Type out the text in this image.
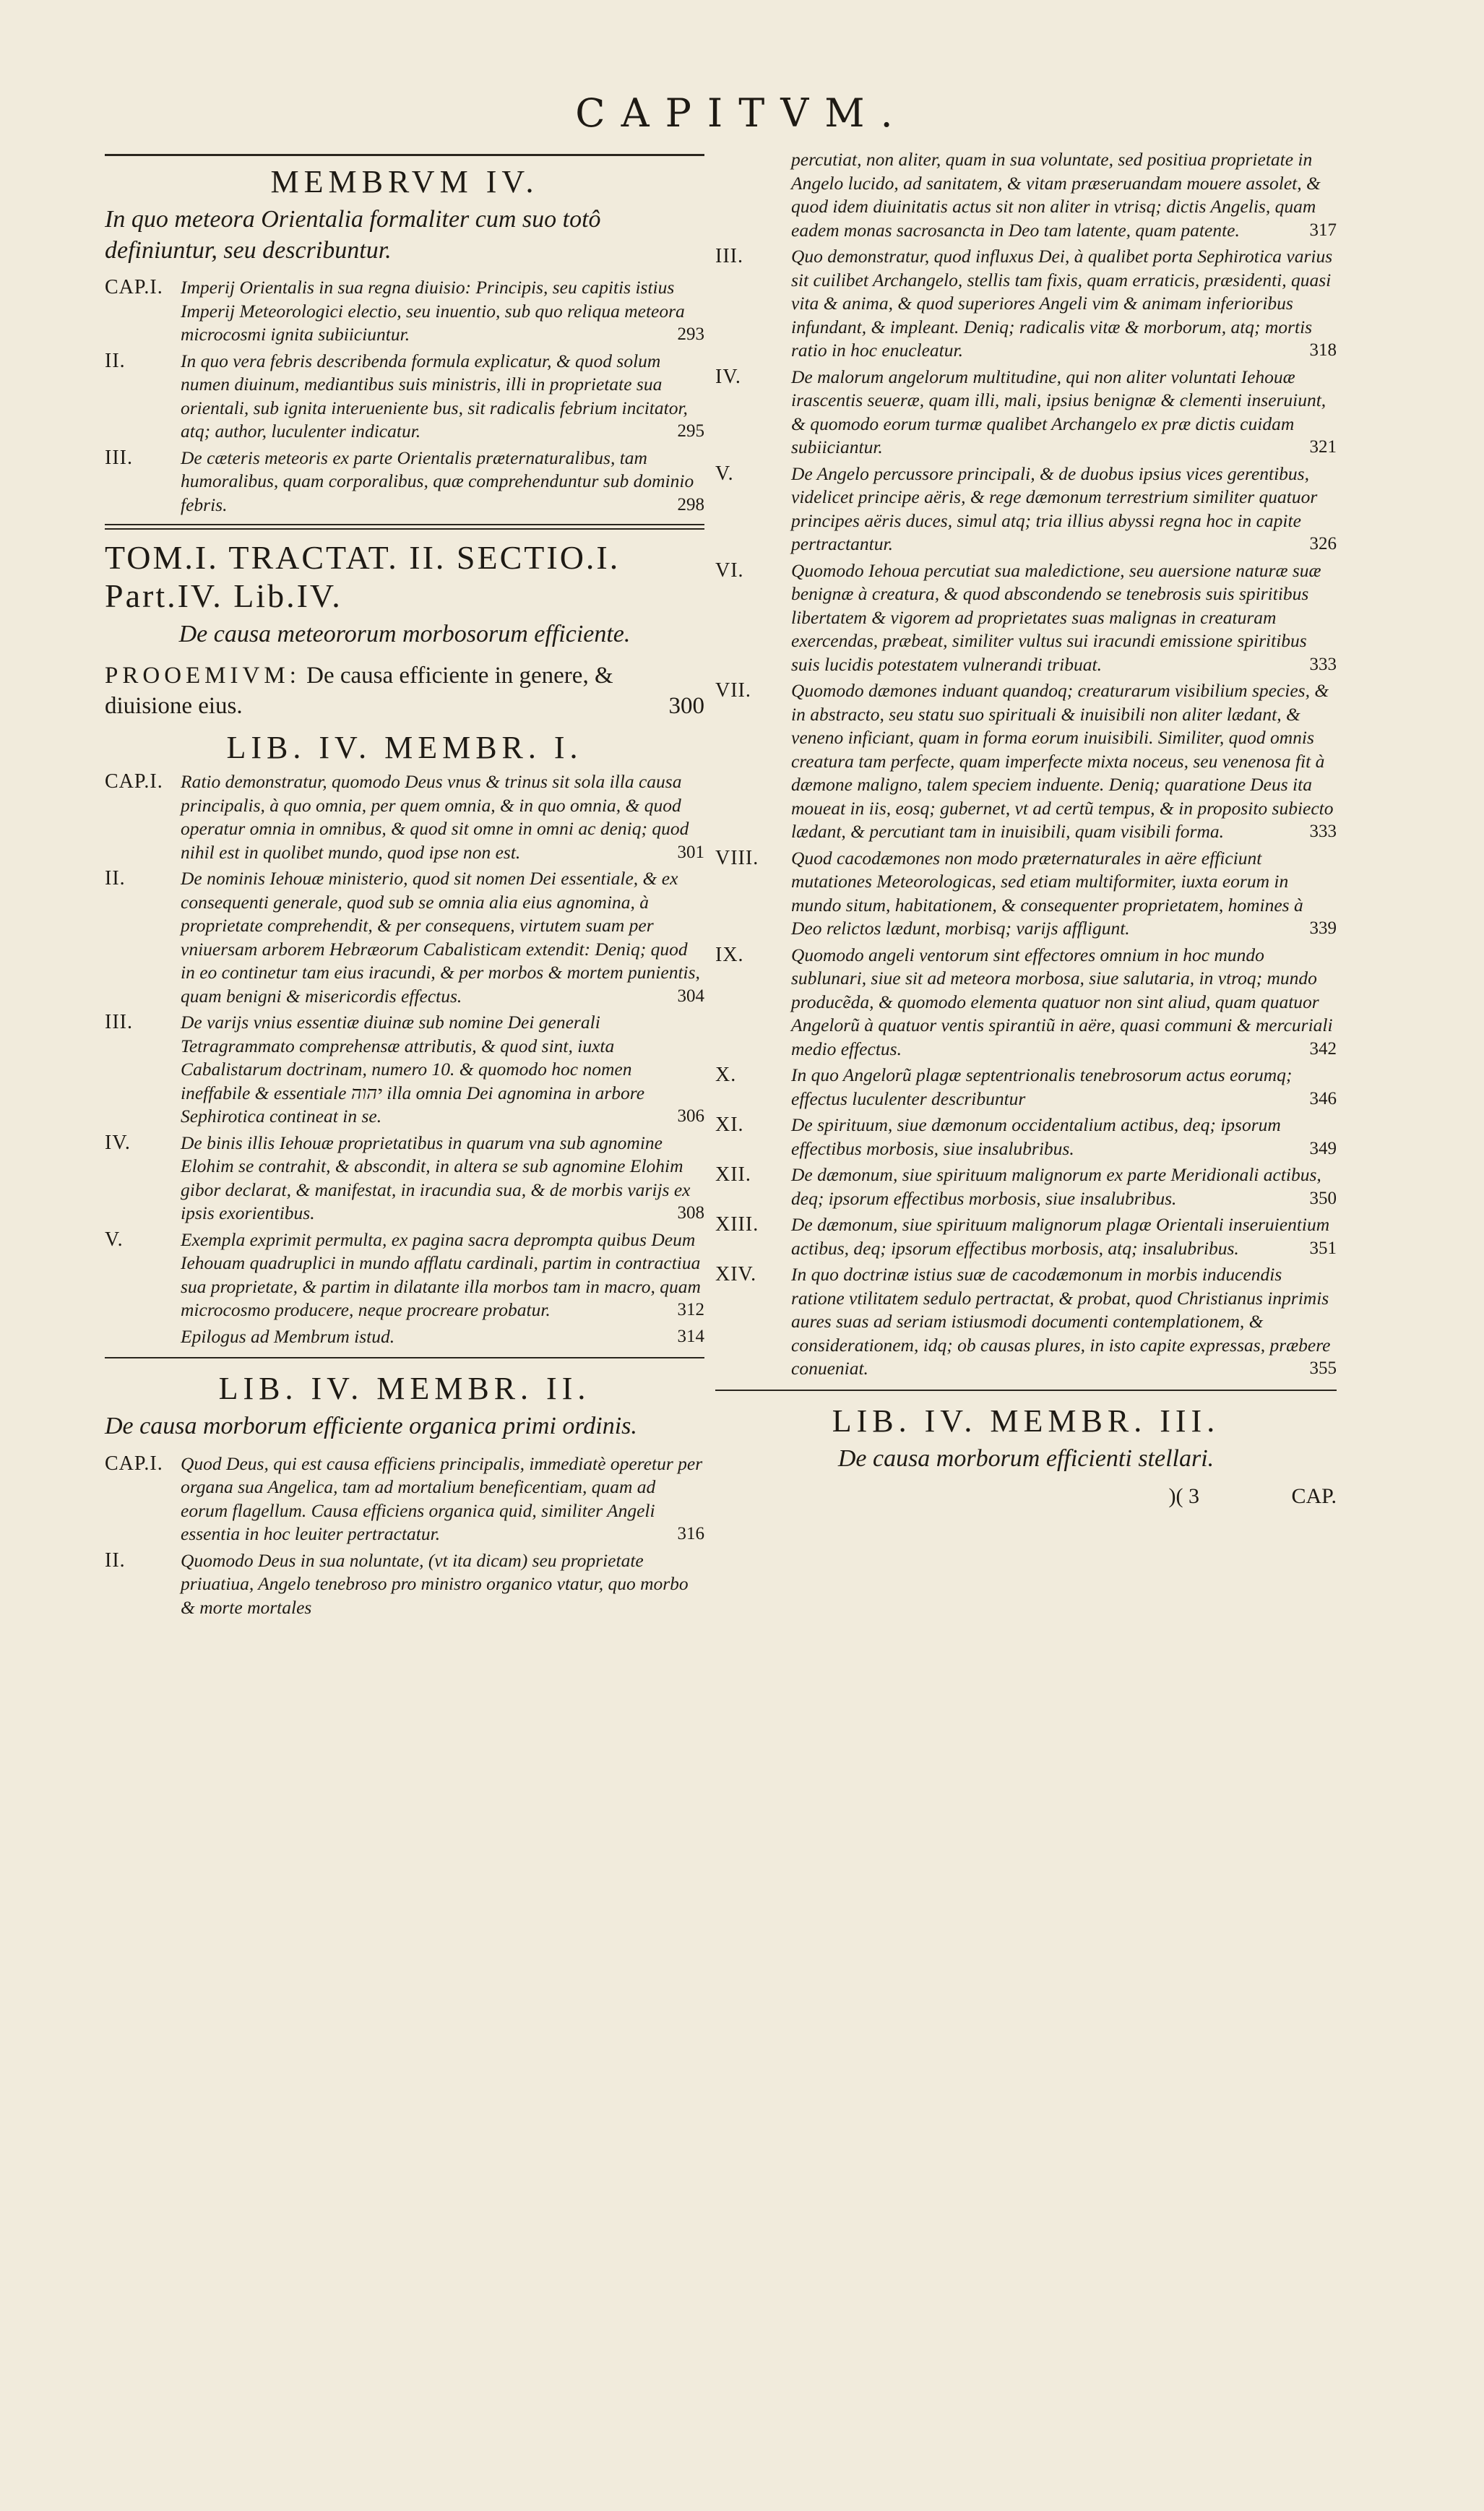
CAPITVM.
MEMBRVM IV.
In quo meteora Orientalia formaliter cum suo totô definiuntur, seu describuntur.
CAP.I. Imperij Orientalis in sua regna diuisio: Principis, seu capitis istius Imperij Meteorologici electio, seu inuentio, sub quo reliqua meteora microcosmi ignita subiiciuntur.	293
II.	In quo vera febris describenda formula explicatur, & quod solum numen diuinum, mediantibus suis ministris, illi in proprietate sua orientali, sub ignita interueniente bus, sit radicalis febrium incitator, atq; author, luculenter indicatur.	295
III.	De cæteris meteoris ex parte Orientalis præternaturalibus, tam humoralibus, quam corporalibus, quæ comprehenduntur sub dominio febris.	298
TOM.I. TRACTAT. II. SECTIO.I. Part.IV. Lib.IV.
De causa meteororum morbosorum efficiente.
PROOEMIVM: De causa efficiente in genere, & diuisione eius.	300
LIB. IV. MEMBR. I.
CAP.I. Ratio demonstratur, quomodo Deus vnus & trinus sit sola illa causa principalis, à quo omnia, per quem omnia, & in quo omnia, & quod operatur omnia in omnibus, & quod sit omne in omni ac deniq; quod nihil est in quolibet mundo, quod ipse non est.	301
II.	De nominis Iehouæ ministerio, quod sit nomen Dei essentiale, & ex consequenti generale, quod sub se omnia alia eius agnomina, à proprietate comprehendit, & per consequens, virtutem suam per vniuersam arborem Hebræorum Cabalisticam extendit: Deniq; quod in eo continetur tam eius iracundi, & per morbos & mortem punientis, quam benigni & misericordis effectus.	304
III.	De varijs vnius essentiæ diuinæ sub nomine Dei generali Tetragrammato comprehensæ attributis, & quod sint, iuxta Cabalistarum doctrinam, numero 10. & quomodo hoc nomen ineffabile & essentiale יהוה illa omnia Dei agnomina in arbore Sephirotica contineat in se.	306
IV.	De binis illis Iehouæ proprietatibus in quarum vna sub agnomine Elohim se contrahit, & abscondit, in altera se sub agnomine Elohim gibor declarat, & manifestat, in iracundia sua, & de morbis varijs ex ipsis exorientibus.	308
V.	Exempla exprimit permulta, ex pagina sacra deprompta quibus Deum Iehouam quadruplici in mundo afflatu cardinali, partim in contractiua sua proprietate, & partim in dilatante illa morbos tam in macro, quam microcosmo producere, neque procreare probatur.	312
Epilogus ad Membrum istud.	314
LIB. IV. MEMBR. II.
De causa morborum efficiente organica primi ordinis.
CAP.I. Quod Deus, qui est causa efficiens principalis, immediatè operetur per organa sua Angelica, tam ad mortalium beneficentiam, quam ad eorum flagellum. Causa efficiens organica quid, similiter Angeli essentia in hoc leuiter pertractatur.	316
II.	Quomodo Deus in sua noluntate, (vt ita dicam) seu proprietate priuatiua, Angelo tenebroso pro ministro organico vtatur, quo morbo & morte mortales
percutiat, non aliter, quam in sua voluntate, sed positiua proprietate in Angelo lucido, ad sanitatem, & vitam præseruandam mouere assolet, & quod idem diuinitatis actus sit non aliter in vtrisq; dictis Angelis, quam eadem monas sacrosancta in Deo tam latente, quam patente.	317
III.	Quo demonstratur, quod influxus Dei, à qualibet porta Sephirotica varius sit cuilibet Archangelo, stellis tam fixis, quam erraticis, præsidenti, quasi vita & anima, & quod superiores Angeli vim & animam inferioribus infundant, & impleant. Deniq; radicalis vitæ & morborum, atq; mortis ratio in hoc enucleatur.	318
IV.	De malorum angelorum multitudine, qui non aliter voluntati Iehouæ irascentis seueræ, quam illi, mali, ipsius benignæ & clementi inseruiunt, & quomodo eorum turmæ qualibet Archangelo ex præ dictis cuidam subiiciantur.	321
V.	De Angelo percussore principali, & de duobus ipsius vices gerentibus, videlicet principe aëris, & rege dæmonum terrestrium similiter quatuor principes aëris duces, simul atq; tria illius abyssi regna hoc in capite pertractantur.	326
VI.	Quomodo Iehoua percutiat sua maledictione, seu auersione naturæ suæ benignæ à creatura, & quod abscondendo se tenebrosis suis spiritibus libertatem & vigorem ad proprietates suas malignas in creaturam exercendas, præbeat, similiter vultus sui iracundi emissione spiritibus suis lucidis potestatem vulnerandi tribuat.	333
VII. Quomodo dæmones induant quandoq; creaturarum visibilium species, & in abstracto, seu statu suo spirituali & inuisibili non aliter lædant, & veneno inficiant, quam in forma eorum inuisibili. Similiter, quod omnis creatura tam perfecte, quam imperfecte mixta noceus, seu venenosa fit à dæmone maligno, talem speciem induente. Deniq; quaratione Deus ita moueat in iis, eosq; gubernet, vt ad certũ tempus, & in proposito subiecto lædant, & percutiant tam in inuisibili, quam visibili forma.	333
VIII. Quod cacodæmones non modo præternaturales in aëre efficiunt mutationes Meteorologicas, sed etiam multiformiter, iuxta eorum in mundo situm, habitationem, & consequenter proprietatem, homines à Deo relictos lædunt, morbisq; varijs affligunt.	339
IX.	Quomodo angeli ventorum sint effectores omnium in hoc mundo sublunari, siue sit ad meteora morbosa, siue salutaria, in vtroq; mundo producẽda, & quomodo elementa quatuor non sint aliud, quam quatuor Angelorũ à quatuor ventis spirantiũ in aëre, quasi communi & mercuriali medio effectus.	342
X.	In quo Angelorũ plagæ septentrionalis tenebrosorum actus eorumq; effectus luculenter describuntur	346
XI.	De spirituum, siue dæmonum occidentalium actibus, deq; ipsorum effectibus morbosis, siue insalubribus.	349
XII. De dæmonum, siue spirituum malignorum ex parte Meridionali actibus, deq; ipsorum effectibus morbosis, siue insalubribus.	350
XIII. De dæmonum, siue spirituum malignorum plagæ Orientali inseruientium actibus, deq; ipsorum effectibus morbosis, atq; insalubribus.	351
XIV. In quo doctrinæ istius suæ de cacodæmonum in morbis inducendis ratione vtilitatem sedulo pertractat, & probat, quod Christianus inprimis aures suas ad seriam istiusmodi documenti contemplationem, & considerationem, idq; ob causas plures, in isto capite expressas, præbere conueniat.	355
LIB. IV. MEMBR. III.
De causa morborum efficienti stellari.
)( 3	CAP.
